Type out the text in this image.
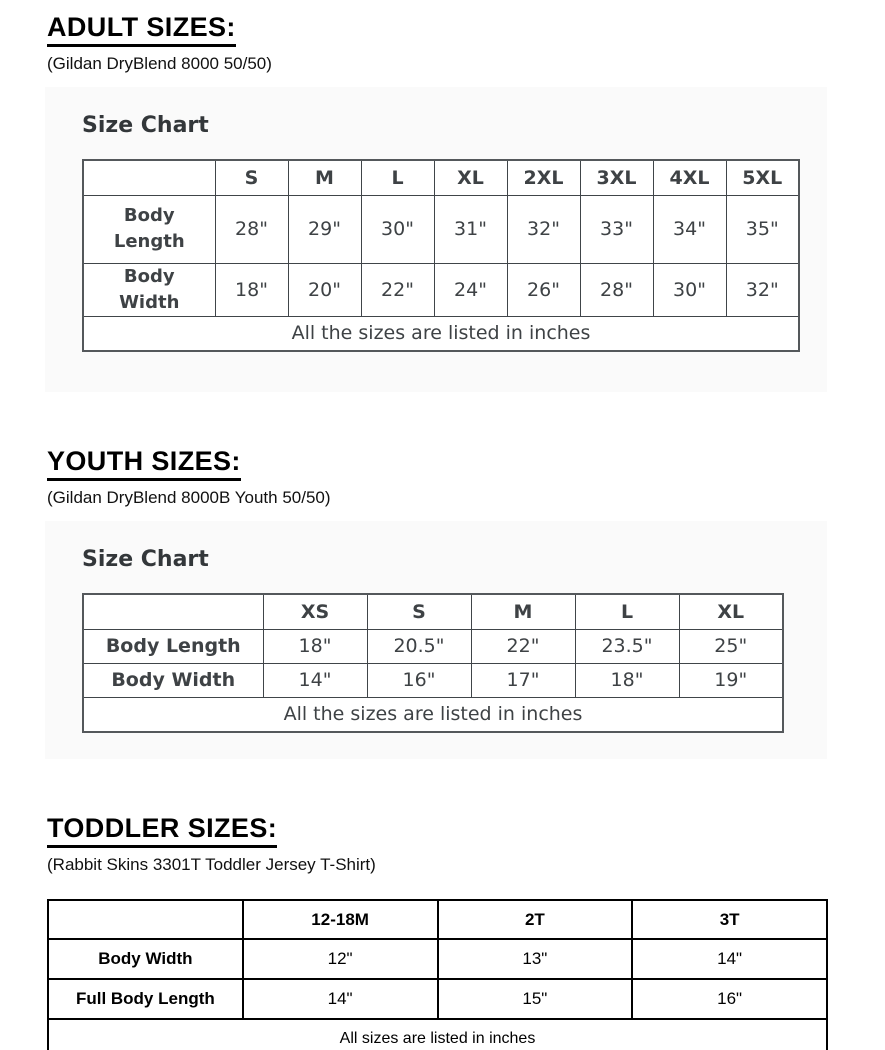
ADULT SIZES:
(Gildan DryBlend 8000 50/50)
Size Chart
	S	M	L	XL	2XL	3XL	4XL	5XL
Body Length	28"	29"	30"	31"	32"	33"	34"	35"
Body Width	18"	20"	22"	24"	26"	28"	30"	32"
All the sizes are listed in inches								
YOUTH SIZES:
(Gildan DryBlend 8000B Youth 50/50)
Size Chart
	XS	S	M	L	XL
Body Length	18"	20.5"	22"	23.5"	25"
Body Width	14"	16"	17"	18"	19"
All the sizes are listed in inches					
TODDLER SIZES:
(Rabbit Skins 3301T Toddler Jersey T-Shirt)
	12-18M	2T	3T
Body Width	12"	13"	14"
Full Body Length	14"	15"	16"
All sizes are listed in inches			
